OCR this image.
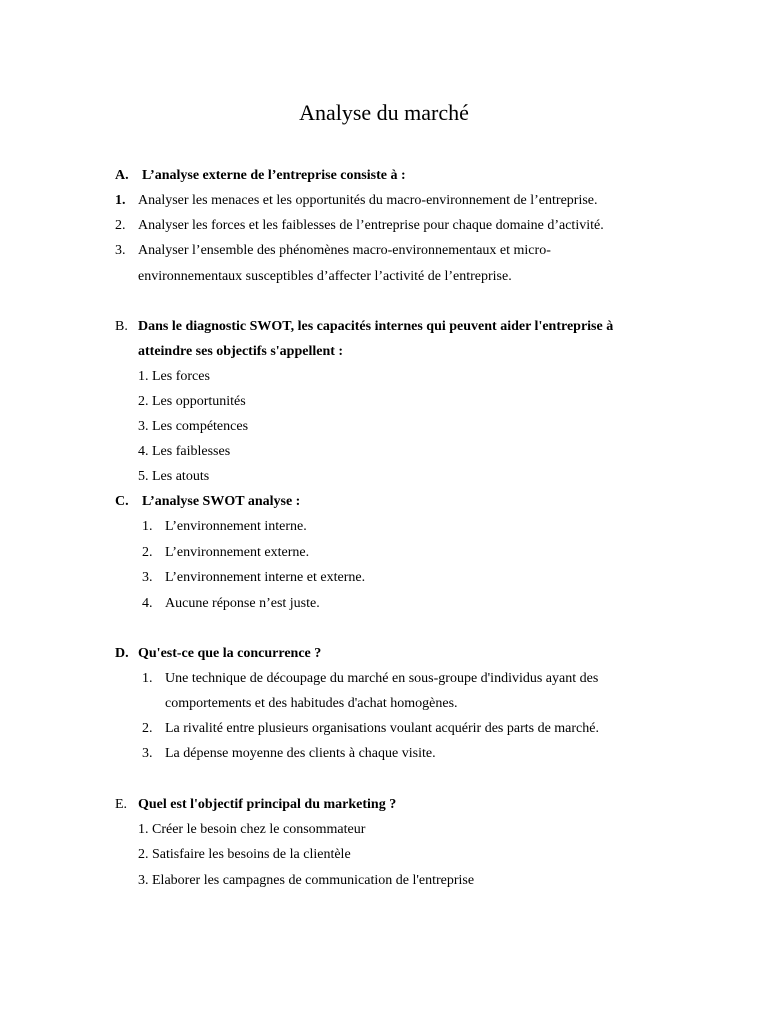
Analyse du marché
A. L’analyse externe de l’entreprise consiste à :
1. Analyser les menaces et les opportunités du macro-environnement de l’entreprise.
2. Analyser les forces et les faiblesses de l’entreprise pour chaque domaine d’activité.
3. Analyser l’ensemble des phénomènes macro-environnementaux et micro-
environnementaux susceptibles d’affecter l’activité de l’entreprise.
B. Dans le diagnostic SWOT, les capacités internes qui peuvent aider l'entreprise à
atteindre ses objectifs s'appellent :
1. Les forces
2. Les opportunités
3. Les compétences
4. Les faiblesses
5. Les atouts
C. L’analyse SWOT analyse :
1. L’environnement interne.
2. L’environnement externe.
3. L’environnement interne et externe.
4. Aucune réponse n’est juste.
D. Qu'est-ce que la concurrence ?
1. Une technique de découpage du marché en sous-groupe d'individus ayant des
comportements et des habitudes d'achat homogènes.
2. La rivalité entre plusieurs organisations voulant acquérir des parts de marché.
3. La dépense moyenne des clients à chaque visite.
E. Quel est l'objectif principal du marketing ?
1. Créer le besoin chez le consommateur
2. Satisfaire les besoins de la clientèle
3. Elaborer les campagnes de communication de l'entreprise
